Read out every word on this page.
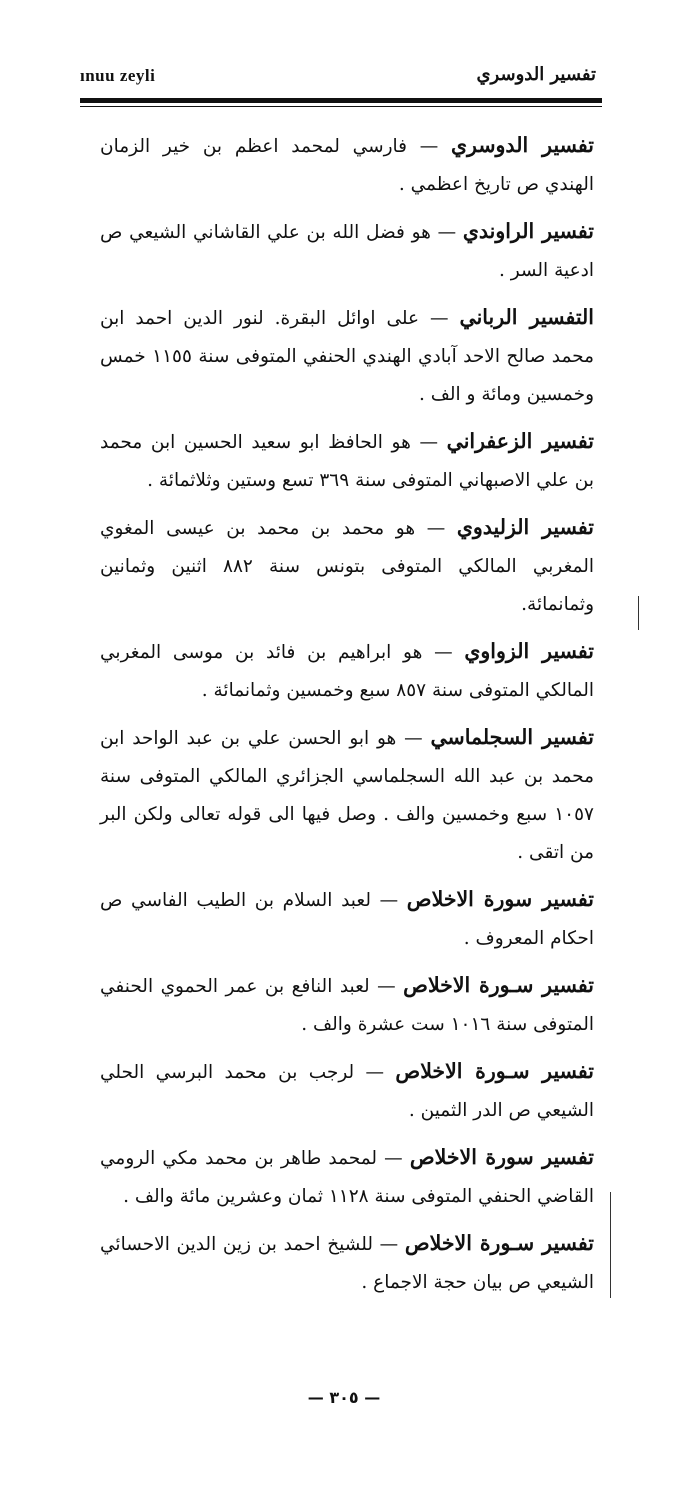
ınuu zeyli	تفسير الدوسري

تفسير الدوسري — فارسي لمحمد اعظم بن خير الزمان الهندي ص تاريخ اعظمي .

تفسير الراوندي — هو فضل الله بن علي القاشاني الشيعي ص ادعية السر .

التفسير الرباني — على اوائل البقرة. لنور الدين احمد ابن محمد صالح الاحد آبادي الهندي الحنفي المتوفى سنة ١١٥٥ خمس وخمسين ومائة و الف .

تفسير الزعفراني — هو الحافظ ابو سعيد الحسين ابن محمد بن علي الاصبهاني المتوفى سنة ٣٦٩ تسع وستين وثلاثمائة .

تفسير الزليدوي — هو محمد بن محمد بن عيسى المغوي المغربي المالكي المتوفى بتونس سنة ٨٨٢ اثنين وثمانين وثمانمائة.

تفسير الزواوي — هو ابراهيم بن فائد بن موسى المغربي المالكي المتوفى سنة ٨٥٧ سبع وخمسين وثمانمائة .

تفسير السجلماسي — هو ابو الحسن علي بن عبد الواحد ابن محمد بن عبد الله السجلماسي الجزائري المالكي المتوفى سنة ١٠٥٧ سبع وخمسين والف . وصل فيها الى قوله تعالى ولكن البر من اتقى .

تفسير سورة الاخلاص — لعبد السلام بن الطيب الفاسي ص احكام المعروف .

تفسير سـورة الاخلاص — لعبد النافع بن عمر الحموي الحنفي المتوفى سنة ١٠١٦ ست عشرة والف .

تفسير سـورة الاخلاص — لرجب بن محمد البرسي الحلي الشيعي ص الدر الثمين .

تفسير سورة الاخلاص — لمحمد طاهر بن محمد مكي الرومي القاضي الحنفي المتوفى سنة ١١٢٨ ثمان وعشرين مائة والف .

تفسير سـورة الاخلاص — للشيخ احمد بن زين الدين الاحسائي الشيعي ص بيان حجة الاجماع .

— ٣٠٥ —
